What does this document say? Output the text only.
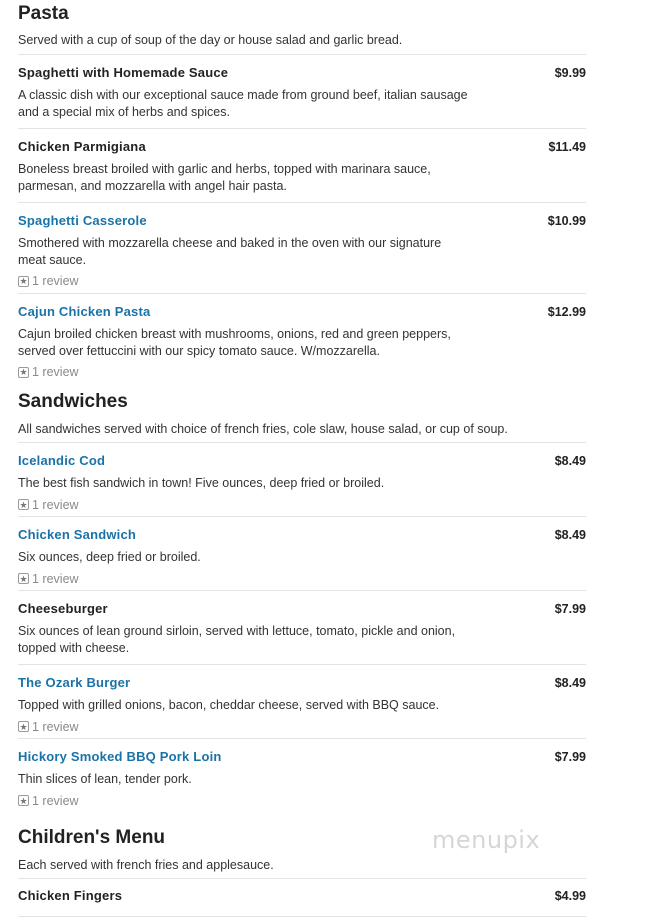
Pasta
Served with a cup of soup of the day or house salad and garlic bread.
Spaghetti with Homemade Sauce	$9.99
A classic dish with our exceptional sauce made from ground beef, italian sausage and a special mix of herbs and spices.
Chicken Parmigiana	$11.49
Boneless breast broiled with garlic and herbs, topped with marinara sauce, parmesan, and mozzarella with angel hair pasta.
Spaghetti Casserole	$10.99
Smothered with mozzarella cheese and baked in the oven with our signature meat sauce.
★ 1 review
Cajun Chicken Pasta	$12.99
Cajun broiled chicken breast with mushrooms, onions, red and green peppers, served over fettuccini with our spicy tomato sauce. W/mozzarella.
★ 1 review
Sandwiches
All sandwiches served with choice of french fries, cole slaw, house salad, or cup of soup.
Icelandic Cod	$8.49
The best fish sandwich in town! Five ounces, deep fried or broiled.
★ 1 review
Chicken Sandwich	$8.49
Six ounces, deep fried or broiled.
★ 1 review
Cheeseburger	$7.99
Six ounces of lean ground sirloin, served with lettuce, tomato, pickle and onion, topped with cheese.
The Ozark Burger	$8.49
Topped with grilled onions, bacon, cheddar cheese, served with BBQ sauce.
★ 1 review
Hickory Smoked BBQ Pork Loin	$7.99
Thin slices of lean, tender pork.
★ 1 review
Children's Menu
Each served with french fries and applesauce.
Chicken Fingers	$4.99
menupix
